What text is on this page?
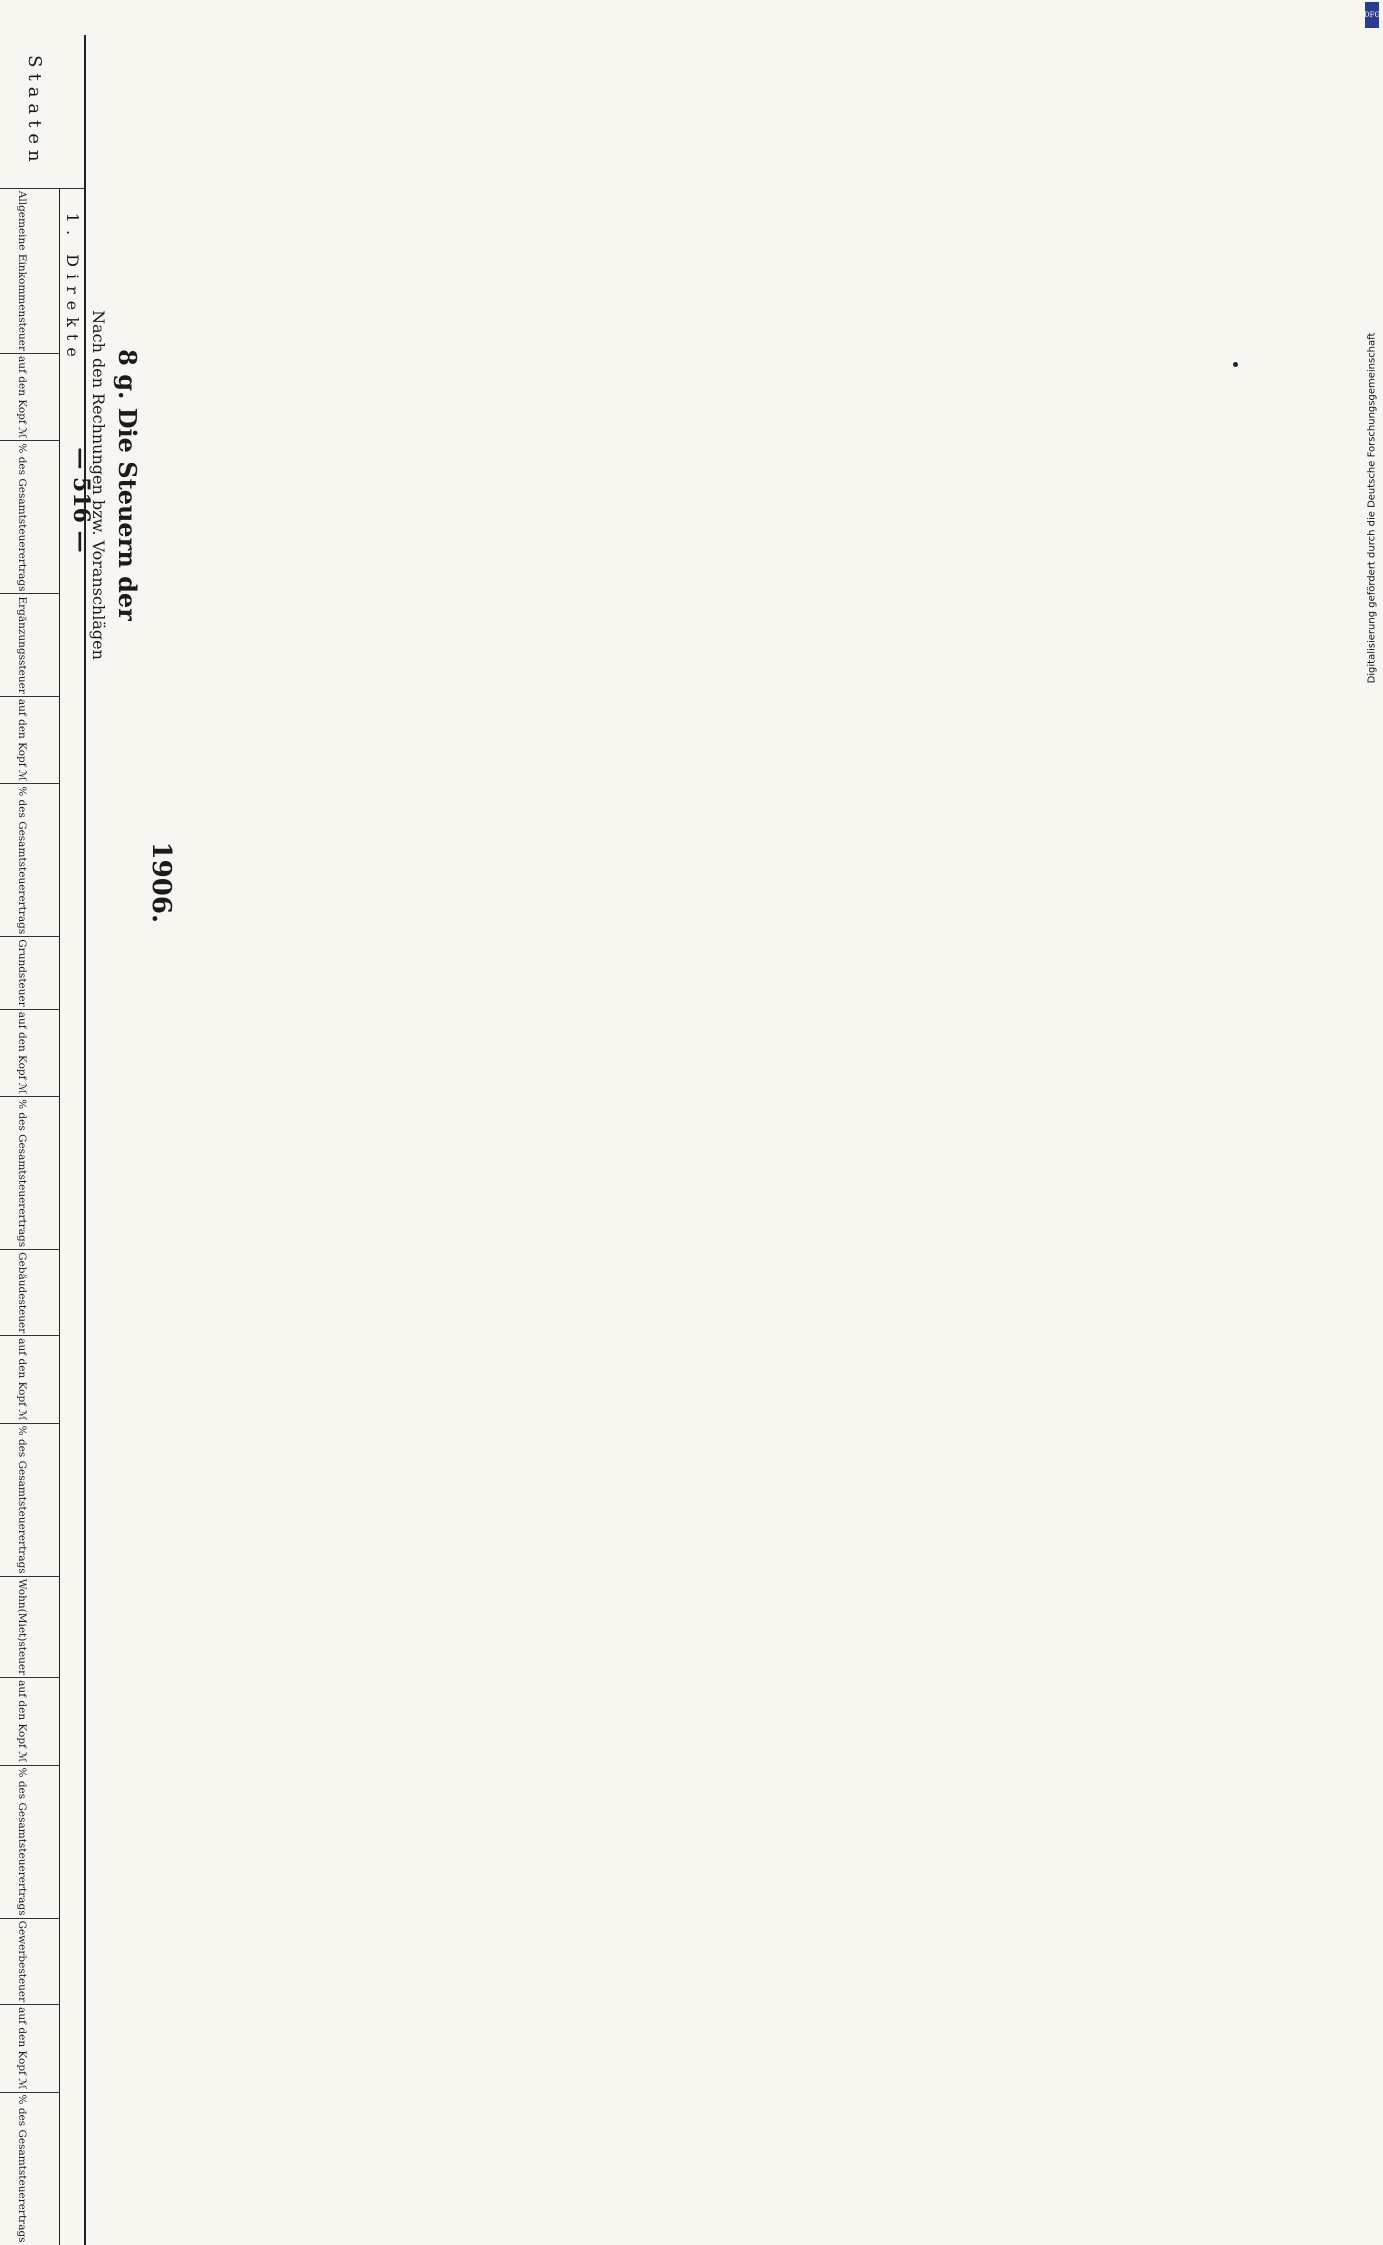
— 516 —
1906.
8 g. Die Steuern der
Nach den Rechnungen bzw. Voranschlägen
Staaten	1. Direkte																	
	Allgemeine Einkommensteuer	auf den Kopf ℳ	% des Gesamtsteuerertrags	Ergänzungssteuer	auf den Kopf ℳ	% des Gesamtsteuerertrags	Grundsteuer	auf den Kopf ℳ	% des Gesamtsteuerertrags	Gebäudesteuer	auf den Kopf ℳ	% des Gesamtsteuerertrags	Wohn(Miet)steuer	auf den Kopf ℳ	% des Gesamtsteuerertrags	Gewerbesteuer	auf den Kopf ℳ	% des Gesamtsteuerertrags

DFG
Digitalisierung gefördert durch die Deutsche Forschungsgemeinschaft
